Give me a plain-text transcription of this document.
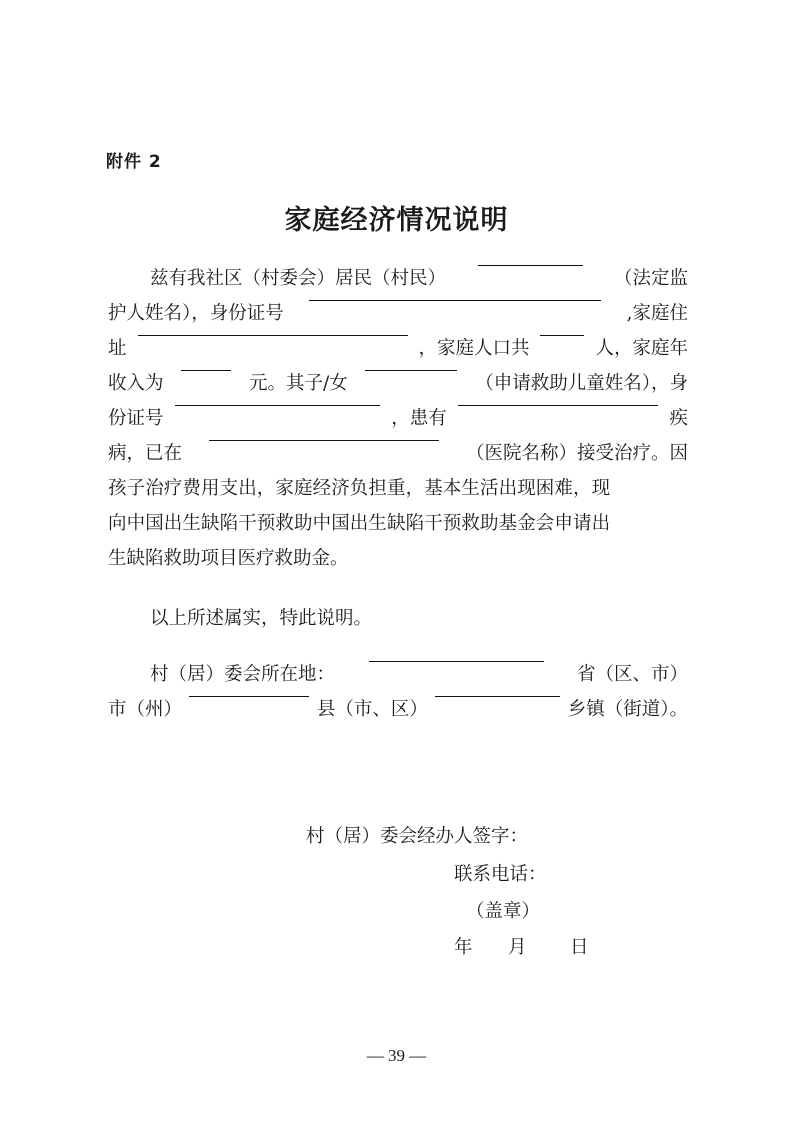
附件 2
家庭经济情况说明
兹有我社区（村委会）居民（村民）	（法定监
护人姓名），身份证号	,家庭住
址	，家庭人口共	人，家庭年
收入为	元。其子/女	（申请救助儿童姓名），身
份证号	，患有	疾
病，已在	（医院名称）接受治疗。因
孩子治疗费用支出，家庭经济负担重，基本生活出现困难，现
向中国出生缺陷干预救助中国出生缺陷干预救助基金会申请出
生缺陷救助项目医疗救助金。
以上所述属实，特此说明。
村（居）委会所在地：	省（区、市）
市（州）	县（市、区）	乡镇（街道）。
村（居）委会经办人签字：
联系电话：
（盖章）
年 月 日
— 39 —
